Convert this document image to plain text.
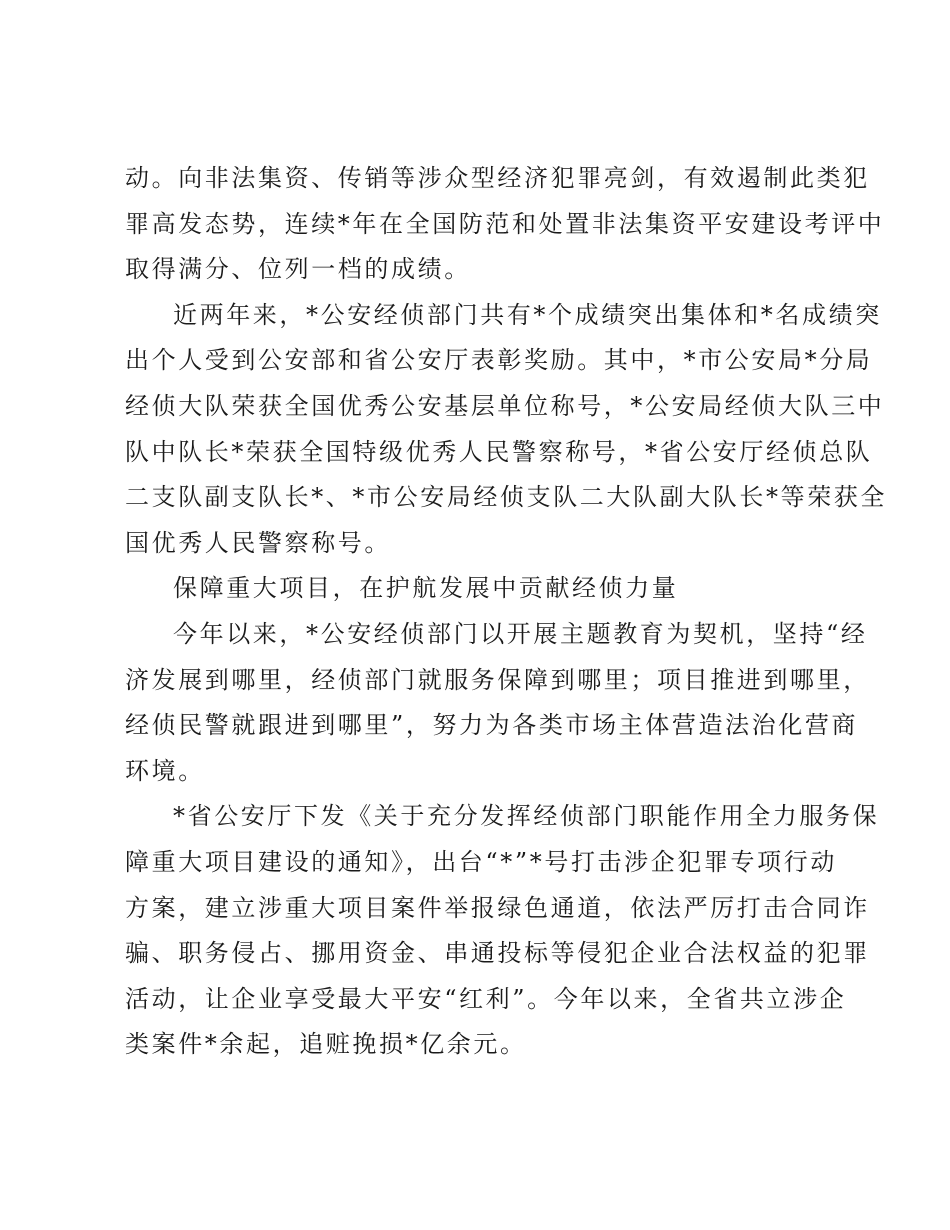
动。向非法集资、传销等涉众型经济犯罪亮剑，有效遏制此类犯
罪高发态势，连续*年在全国防范和处置非法集资平安建设考评中
取得满分、位列一档的成绩。
近两年来，*公安经侦部门共有*个成绩突出集体和*名成绩突
出个人受到公安部和省公安厅表彰奖励。其中，*市公安局*分局
经侦大队荣获全国优秀公安基层单位称号，*公安局经侦大队三中
队中队长*荣获全国特级优秀人民警察称号，*省公安厅经侦总队
二支队副支队长*、*市公安局经侦支队二大队副大队长*等荣获全
国优秀人民警察称号。
保障重大项目，在护航发展中贡献经侦力量
今年以来，*公安经侦部门以开展主题教育为契机，坚持“经
济发展到哪里，经侦部门就服务保障到哪里；项目推进到哪里，
经侦民警就跟进到哪里”，努力为各类市场主体营造法治化营商
环境。
*省公安厅下发《关于充分发挥经侦部门职能作用全力服务保
障重大项目建设的通知》，出台“*”*号打击涉企犯罪专项行动
方案，建立涉重大项目案件举报绿色通道，依法严厉打击合同诈
骗、职务侵占、挪用资金、串通投标等侵犯企业合法权益的犯罪
活动，让企业享受最大平安“红利”。今年以来，全省共立涉企
类案件*余起，追赃挽损*亿余元。
